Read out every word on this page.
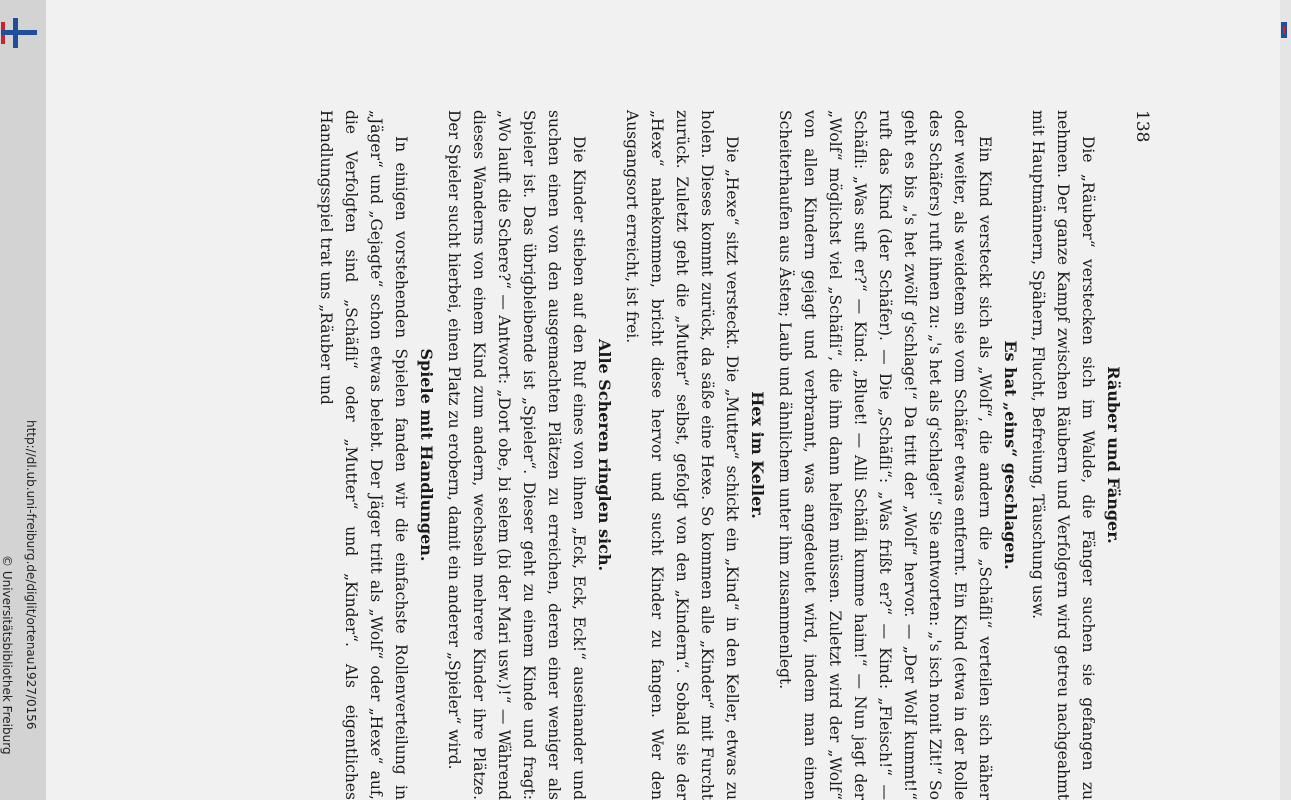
http://dl.ub.uni-freiburg.de/diglit/ortenau1927/0156
© Universitätsbibliothek Freiburg
138
Räuber und Fänger.

Die „Räuber“ verstecken sich im Walde, die Fänger suchen sie gefangen zu nehmen. Der ganze Kampf zwischen Räubern und Verfolgern wird getreu nachgeahmt mit Hauptmännern, Spähern, Flucht, Befreiung, Täuschung usw.

Es hat „eins“ geschlagen.

Ein Kind versteckt sich als „Wolf“, die andern die „Schäfli“ verteilen sich näher oder weiter, als weidetem sie vom Schäfer etwas entfernt. Ein Kind (etwa in der Rolle des Schäfers) ruft ihnen zu: „'s het als g'schlage!“ Sie antworten: „'s isch nonit Zit!“ So geht es bis „'s het zwölf g'schlage!“ Da tritt der „Wolf“ hervor. — „Der Wolf kummt!“ ruft das Kind (der Schäfer). — Die „Schäfli“: „Was frißt er?“ — Kind: „Fleisch!“ — Schäfli: „Was suft er?“ — Kind: „Bluet! — Alli Schäfli kumme haim!“ — Nun jagt der „Wolf“ möglichst viel „Schäfli“, die ihm dann helfen müssen. Zuletzt wird der „Wolf“ von allen Kindern gejagt und verbrannt, was angedeutet wird, indem man einen Scheiterhaufen aus Ästen; Laub und ähnlichem unter ihm zusammenlegt.

Hex im Keller.

Die „Hexe“ sitzt versteckt. Die „Mutter“ schickt ein „Kind“ in den Keller, etwas zu holen. Dieses kommt zurück, da säße eine Hexe. So kommen alle „Kinder“ mit Furcht zurück. Zuletzt geht die „Mutter“ selbst, gefolgt von den „Kindern“. Sobald sie der „Hexe“ nahekommen, bricht diese hervor und sucht Kinder zu fangen. Wer den Ausgangsort erreicht, ist frei.

Alle Scheren ringlen sich.

Die Kinder stieben auf den Ruf eines von ihnen „Eck, Eck, Eck!“ auseinander und suchen einen von den ausgemachten Plätzen zu erreichen, deren einer weniger als Spieler ist. Das übrigbleibende ist „Spieler“. Dieser geht zu einem Kinde und fragt: „Wo lauft die Schere?“ — Antwort: „Dort obe, bi selem (bi der Mari usw.)!“ — Während dieses Wanderns von einem Kind zum andern, wechseln mehrere Kinder ihre Plätze. Der Spieler sucht hierbei, einen Platz zu erobern, damit ein anderer „Spieler“ wird.

Spiele mit Handlungen.

In einigen vorstehenden Spielen fanden wir die einfachste Rollenverteilung in „Jäger“ und „Gejagte“ schon etwas belebt. Der Jäger tritt als „Wolf“ oder „Hexe“ auf, die Verfolgten sind „Schäfli“ oder „Mutter“ und „Kinder“. Als eigentliches Handlungsspiel trat uns „Räuber und
